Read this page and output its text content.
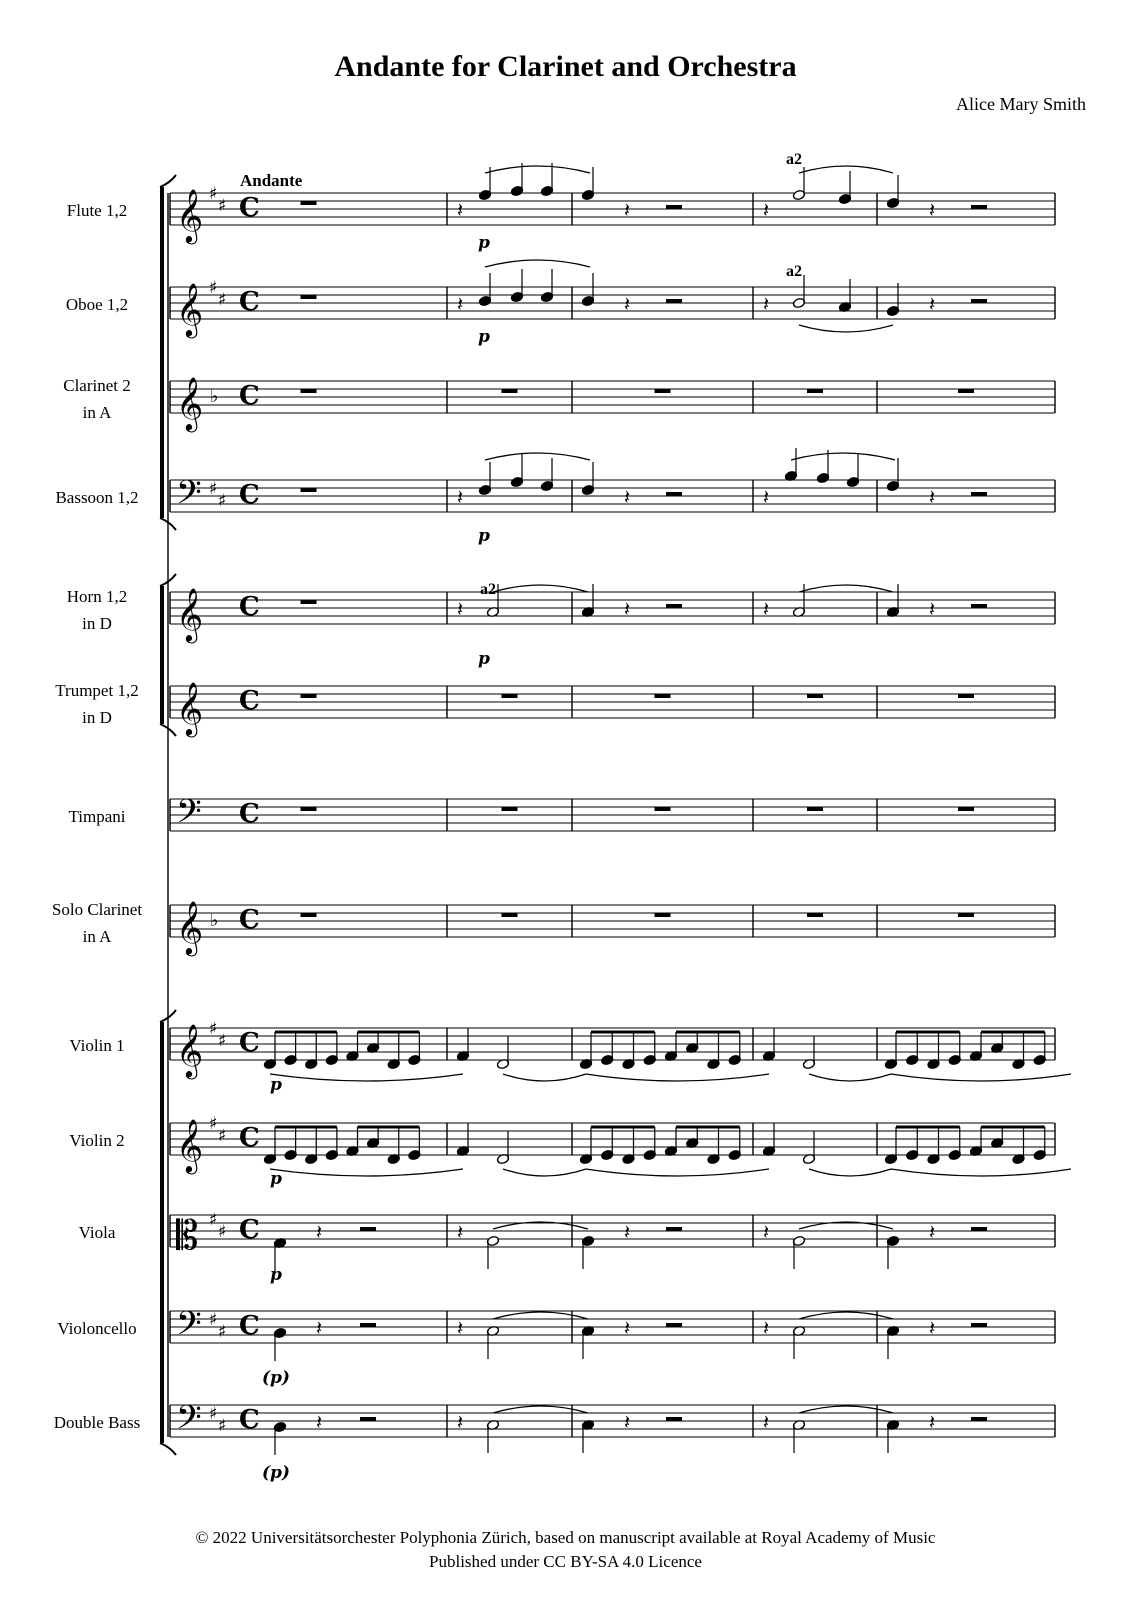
Andante for Clarinet and Orchestra
Alice Mary Smith
Flute 1,2 𝄞 ♯
♯ C
Oboe 1,2 𝄞 ♯
♯ C
Clarinet 2
in A 𝄞 ♭ C
Bassoon 1,2 𝄢 ♯
♯ C
Horn 1,2
in D 𝄞 C
Trumpet 1,2
in D 𝄞 C
Timpani 𝄢 C
Solo Clarinet
in A 𝄞 ♭ C
Violin 1 𝄞 ♯
♯ C
Violin 2 𝄞 ♯
♯ C
Viola 𝄡 ♯
♯ C
Violoncello 𝄢 ♯
♯ C
Double Bass 𝄢 ♯
♯ C
Andante
𝄽	𝄽
𝄽	𝄽
𝄽	𝄽
p
p
p
a2
a2
𝄽	𝄽
𝄽	𝄽
𝄽	𝄽
a2
𝄽	𝄽	𝄽	𝄽
p
p
p
𝄽	𝄽	𝄽	𝄽	𝄽
𝄽	𝄽	𝄽	𝄽	𝄽
𝄽	𝄽	𝄽	𝄽	𝄽
p
(p)
(p)
© 2022 Universitätsorchester Polyphonia Zürich, based on manuscript available at Royal Academy of Music
Published under CC BY-SA 4.0 Licence
